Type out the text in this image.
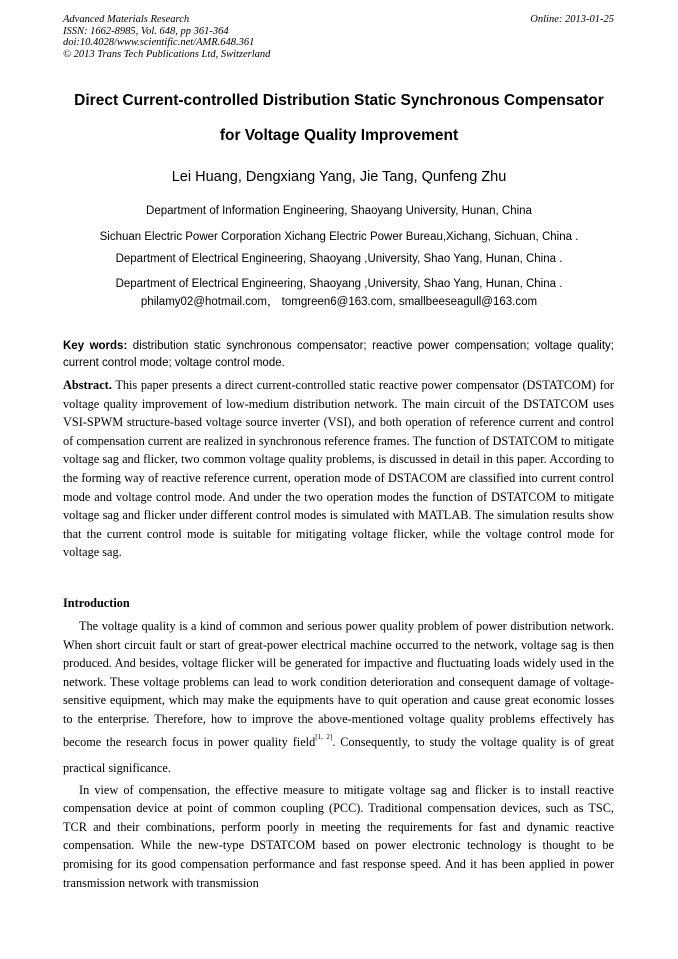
Advanced Materials Research
ISSN: 1662-8985, Vol. 648, pp 361-364
doi:10.4028/www.scientific.net/AMR.648.361
© 2013 Trans Tech Publications Ltd, Switzerland
Online: 2013-01-25
Direct Current-controlled Distribution Static Synchronous Compensator
for Voltage Quality Improvement
Lei Huang, Dengxiang Yang, Jie Tang, Qunfeng Zhu
Department of Information Engineering, Shaoyang University, Hunan, China
Sichuan Electric Power Corporation Xichang Electric Power Bureau,Xichang, Sichuan, China .
Department of Electrical Engineering, Shaoyang ,University, Shao Yang, Hunan, China .
Department of Electrical Engineering, Shaoyang ,University, Shao Yang, Hunan, China .
philamy02@hotmail.com， tomgreen6@163.com, smallbeeseagull@163.com
Key words: distribution static synchronous compensator; reactive power compensation; voltage quality; current control mode; voltage control mode.
Abstract. This paper presents a direct current-controlled static reactive power compensator (DSTATCOM) for voltage quality improvement of low-medium distribution network. The main circuit of the DSTATCOM uses VSI-SPWM structure-based voltage source inverter (VSI), and both operation of reference current and control of compensation current are realized in synchronous reference frames. The function of DSTATCOM to mitigate voltage sag and flicker, two common voltage quality problems, is discussed in detail in this paper. According to the forming way of reactive reference current, operation mode of DSTACOM are classified into current control mode and voltage control mode. And under the two operation modes the function of DSTATCOM to mitigate voltage sag and flicker under different control modes is simulated with MATLAB. The simulation results show that the current control mode is suitable for mitigating voltage flicker, while the voltage control mode for voltage sag.
Introduction

The voltage quality is a kind of common and serious power quality problem of power distribution network. When short circuit fault or start of great-power electrical machine occurred to the network, voltage sag is then produced. And besides, voltage flicker will be generated for impactive and fluctuating loads widely used in the network. These voltage problems can lead to work condition deterioration and consequent damage of voltage-sensitive equipment, which may make the equipments have to quit operation and cause great economic losses to the enterprise. Therefore, how to improve the above-mentioned voltage quality problems effectively has become the research focus in power quality field[1, 2]. Consequently, to study the voltage quality is of great practical significance.

In view of compensation, the effective measure to mitigate voltage sag and flicker is to install reactive compensation device at point of common coupling (PCC). Traditional compensation devices, such as TSC, TCR and their combinations, perform poorly in meeting the requirements for fast and dynamic reactive compensation. While the new-type DSTATCOM based on power electronic technology is thought to be promising for its good compensation performance and fast response speed. And it has been applied in power transmission network with transmission
